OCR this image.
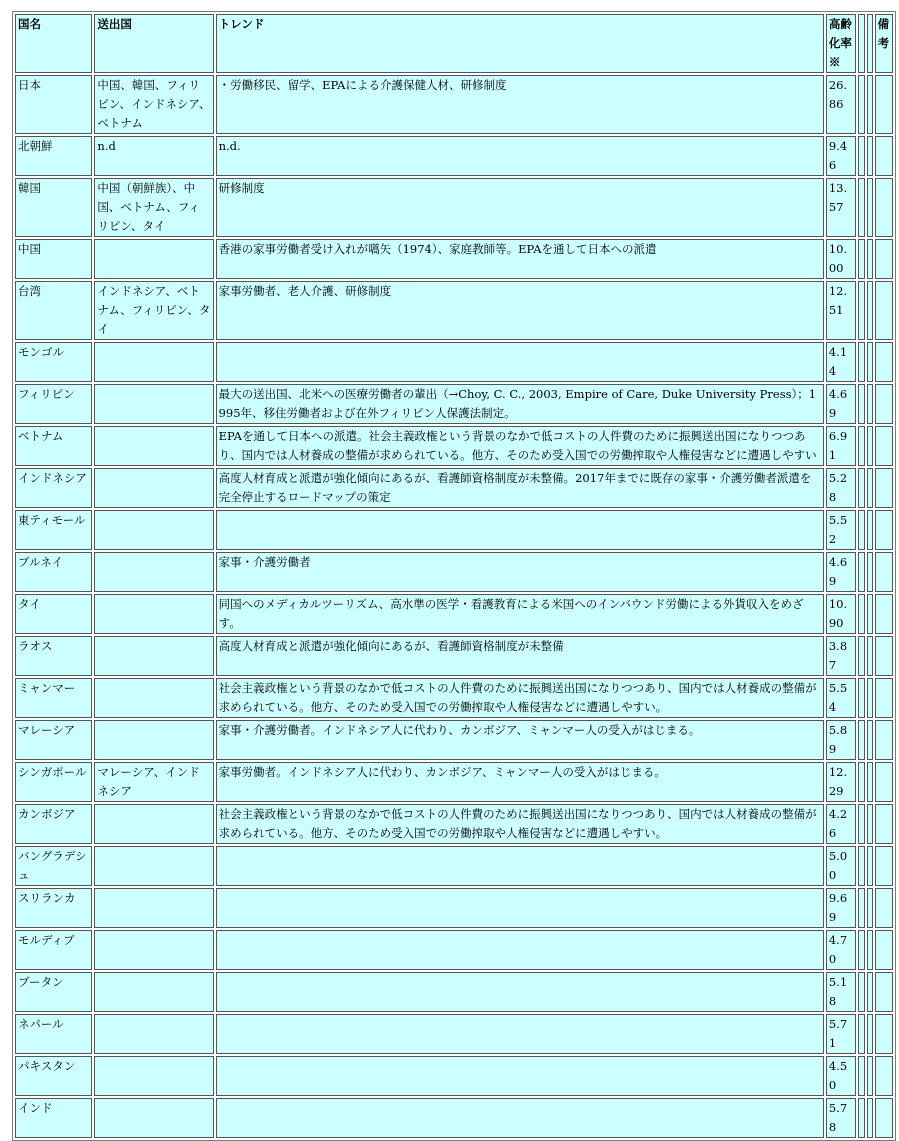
国名	送出国	トレンド	高齢化率※			備考
日本	中国、韓国、フィリピン、インドネシア、ベトナム	・労働移民、留学、EPAによる介護保健人材、研修制度	26.86			
北朝鮮	n.d	n.d.	9.46			
韓国	中国（朝鮮族）、中国、ベトナム、フィリピン、タイ	研修制度	13.57			
中国		香港の家事労働者受け入れが嚆矢（1974）、家庭教師等。EPAを通して日本への派遣	10.00			
台湾	インドネシア、ベトナム、フィリピン、タイ	家事労働者、老人介護、研修制度	12.51			
モンゴル			4.14			
フィリピン		最大の送出国、北米への医療労働者の輩出（→Choy, C. C., 2003, Empire of Care, Duke University Press）；1995年、移住労働者および在外フィリピン人保護法制定。	4.69			
ベトナム		EPAを通して日本への派遣。社会主義政権という背景のなかで低コストの人件費のために振興送出国になりつつあり、国内では人材養成の整備が求められている。他方、そのため受入国での労働搾取や人権侵害などに遭遇しやすい	6.91			
インドネシア		高度人材育成と派遣が強化傾向にあるが、看護師資格制度が未整備。2017年までに既存の家事・介護労働者派遣を完全停止するロードマップの策定	5.28			
東ティモール			5.52			
ブルネイ		家事・介護労働者	4.69			
タイ		同国へのメディカルツーリズム、高水準の医学・看護教育による米国へのインバウンド労働による外貨収入をめざす。	10.90			
ラオス		高度人材育成と派遣が強化傾向にあるが、看護師資格制度が未整備	3.87			
ミャンマー		社会主義政権という背景のなかで低コストの人件費のために振興送出国になりつつあり、国内では人材養成の整備が求められている。他方、そのため受入国での労働搾取や人権侵害などに遭遇しやすい。	5.54			
マレーシア		家事・介護労働者。インドネシア人に代わり、カンボジア、ミャンマー人の受入がはじまる。	5.89			
シンガポール	マレーシア、インドネシア	家事労働者。インドネシア人に代わり、カンボジア、ミャンマー人の受入がはじまる。	12.29			
カンボジア		社会主義政権という背景のなかで低コストの人件費のために振興送出国になりつつあり、国内では人材養成の整備が求められている。他方、そのため受入国での労働搾取や人権侵害などに遭遇しやすい。	4.26			
バングラデシュ			5.00			
スリランカ			9.69			
モルディブ			4.70			
ブータン			5.18			
ネパール			5.71			
パキスタン			4.50			
インド			5.78			
